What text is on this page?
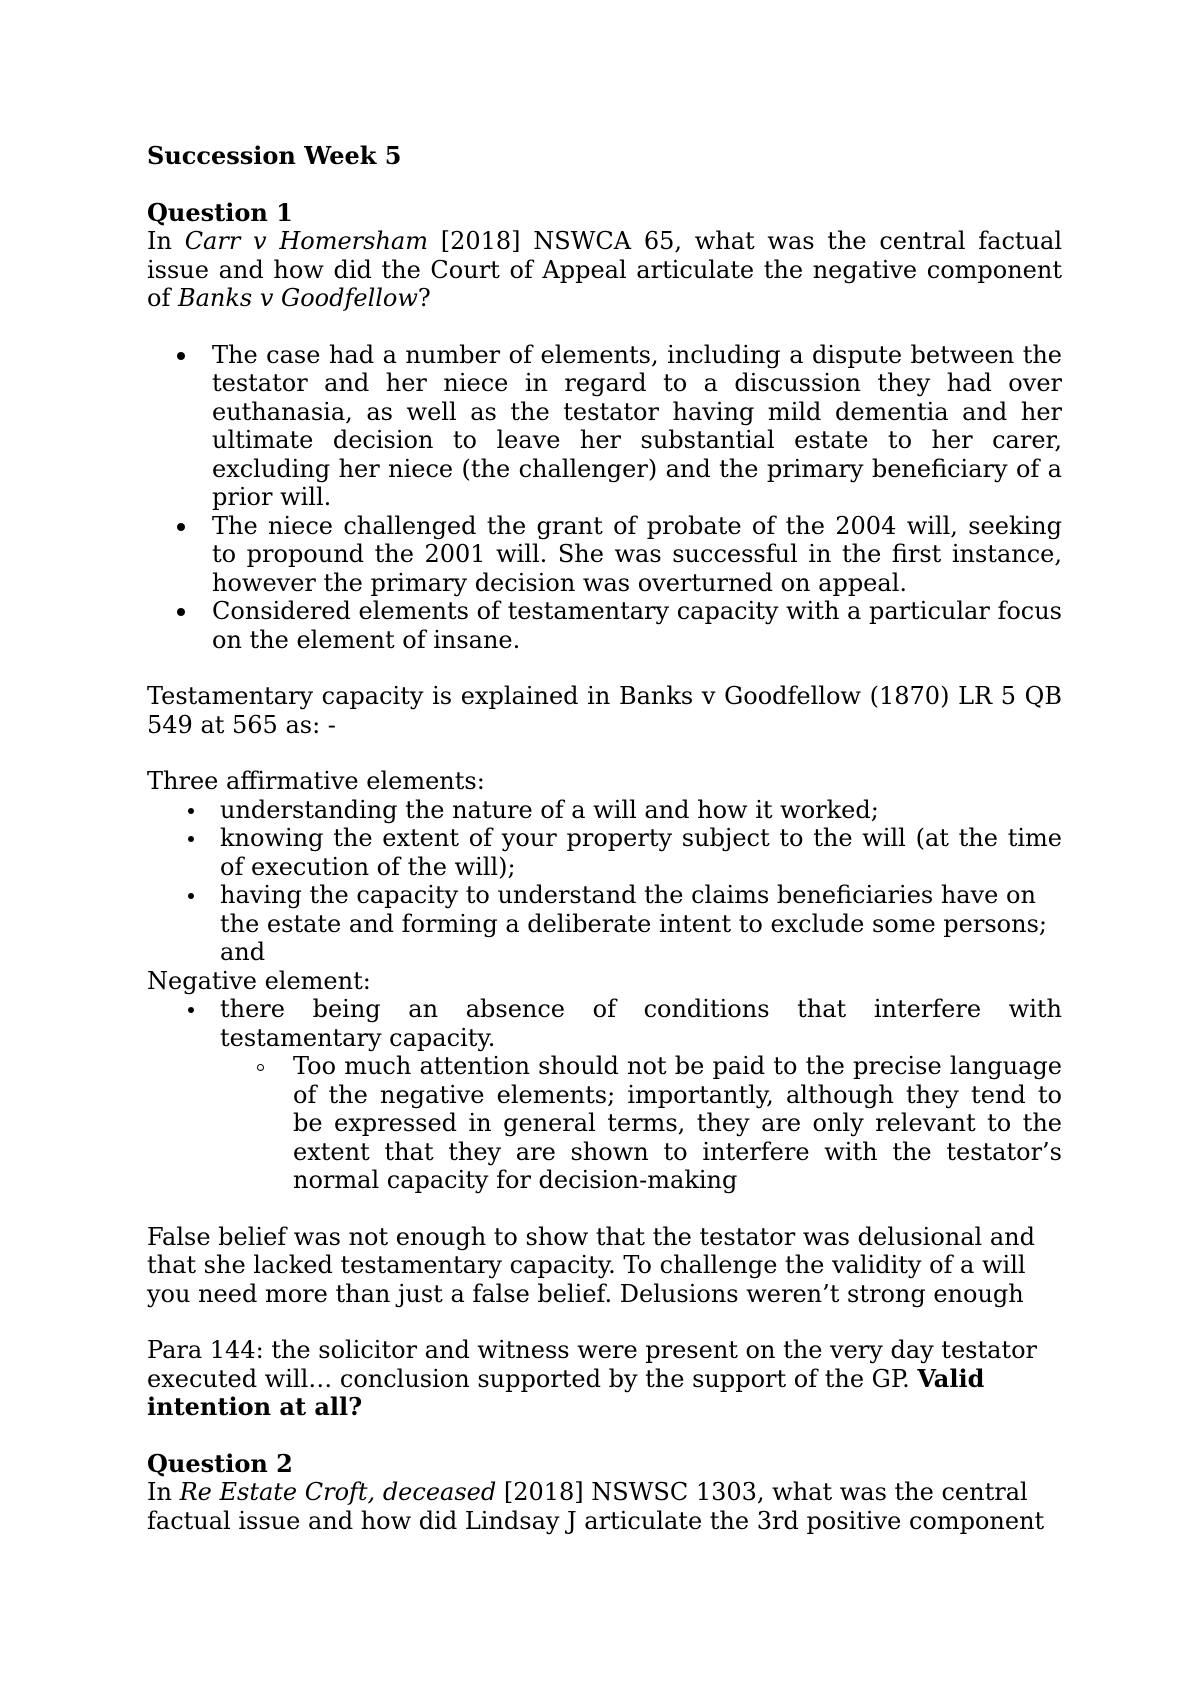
Succession Week 5

Question 1

In Carr v Homersham [2018] NSWCA 65, what was the central factual issue and how did the Court of Appeal articulate the negative component of Banks v Goodfellow?

The case had a number of elements, including a dispute between the testator and her niece in regard to a discussion they had over euthanasia, as well as the testator having mild dementia and her ultimate decision to leave her substantial estate to her carer, excluding her niece (the challenger) and the primary beneficiary of a prior will.
The niece challenged the grant of probate of the 2004 will, seeking to propound the 2001 will. She was successful in the first instance, however the primary decision was overturned on appeal.
Considered elements of testamentary capacity with a particular focus on the element of insane.

Testamentary capacity is explained in Banks v Goodfellow (1870) LR 5 QB 549 at 565 as: -

Three affirmative elements:

understanding the nature of a will and how it worked;
knowing the extent of your property subject to the will (at the time of execution of the will);
having the capacity to understand the claims beneficiaries have on the estate and forming a deliberate intent to exclude some persons; and

Negative element:

there being an absence of conditions that interfere with testamentary capacity.
Too much attention should not be paid to the precise language of the negative elements; importantly, although they tend to be expressed in general terms, they are only relevant to the extent that they are shown to interfere with the testator’s normal capacity for decision-making

False belief was not enough to show that the testator was delusional and that she lacked testamentary capacity. To challenge the validity of a will you need more than just a false belief. Delusions weren’t strong enough

Para 144: the solicitor and witness were present on the very day testator executed will… conclusion supported by the support of the GP. Valid intention at all?

Question 2

In Re Estate Croft, deceased [2018] NSWSC 1303, what was the central factual issue and how did Lindsay J articulate the 3rd positive component
